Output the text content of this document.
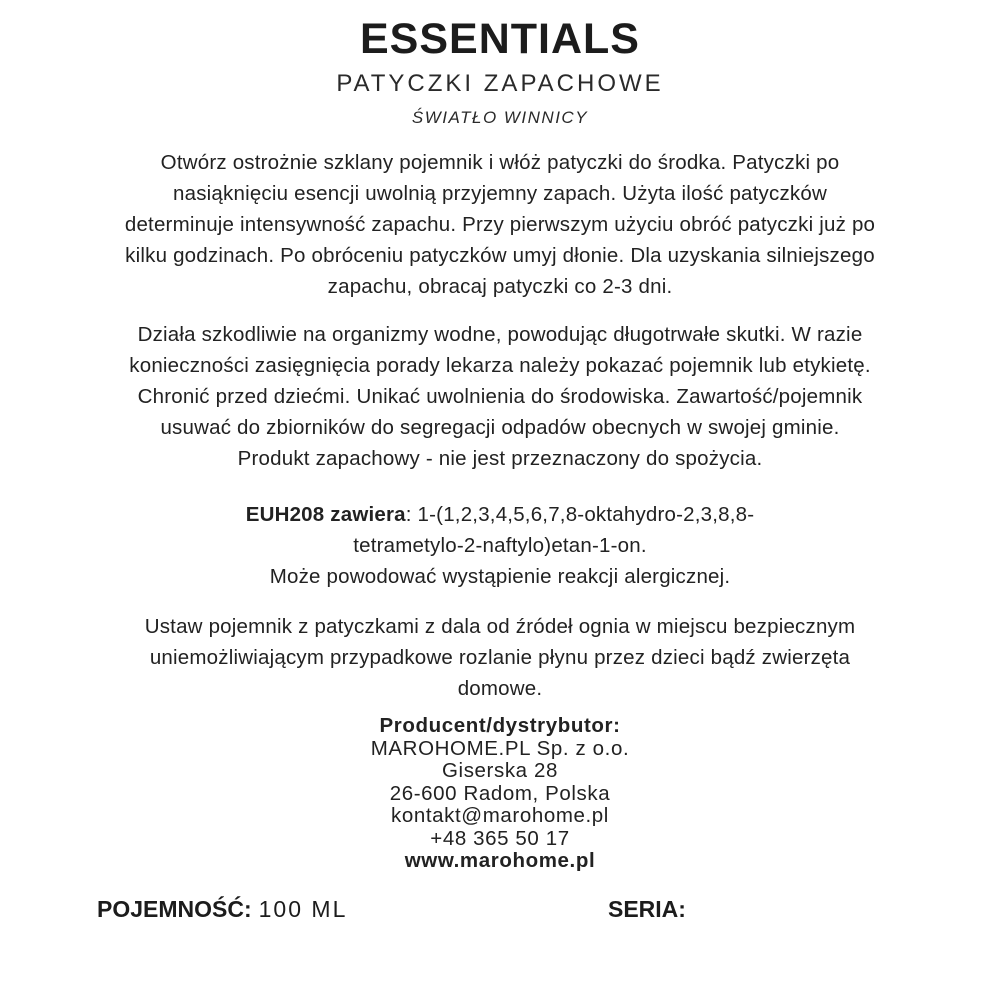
ESSENTIALS
PATYCZKI ZAPACHOWE
ŚWIATŁO WINNICY
Otwórz ostrożnie szklany pojemnik i włóż patyczki do środka. Patyczki po
nasiąknięciu esencji uwolnią przyjemny zapach. Użyta ilość patyczków
determinuje intensywność zapachu. Przy pierwszym użyciu obróć patyczki już po
kilku godzinach. Po obróceniu patyczków umyj dłonie. Dla uzyskania silniejszego
zapachu, obracaj patyczki co 2-3 dni.
Działa szkodliwie na organizmy wodne, powodując długotrwałe skutki. W razie
konieczności zasięgnięcia porady lekarza należy pokazać pojemnik lub etykietę.
Chronić przed dziećmi. Unikać uwolnienia do środowiska. Zawartość/pojemnik
usuwać do zbiorników do segregacji odpadów obecnych w swojej gminie.
Produkt zapachowy - nie jest przeznaczony do spożycia.
EUH208 zawiera: 1-(1,2,3,4,5,6,7,8-oktahydro-2,3,8,8-
tetrametylo-2-naftylo)etan-1-on.
Może powodować wystąpienie reakcji alergicznej.
Ustaw pojemnik z patyczkami z dala od źródeł ognia w miejscu bezpiecznym
uniemożliwiającym przypadkowe rozlanie płynu przez dzieci bądź zwierzęta
domowe.
Producent/dystrybutor:
MAROHOME.PL Sp. z o.o.
Giserska 28
26-600 Radom, Polska
kontakt@marohome.pl
+48 365 50 17
www.marohome.pl
POJEMNOŚĆ: 100 ML	SERIA:
